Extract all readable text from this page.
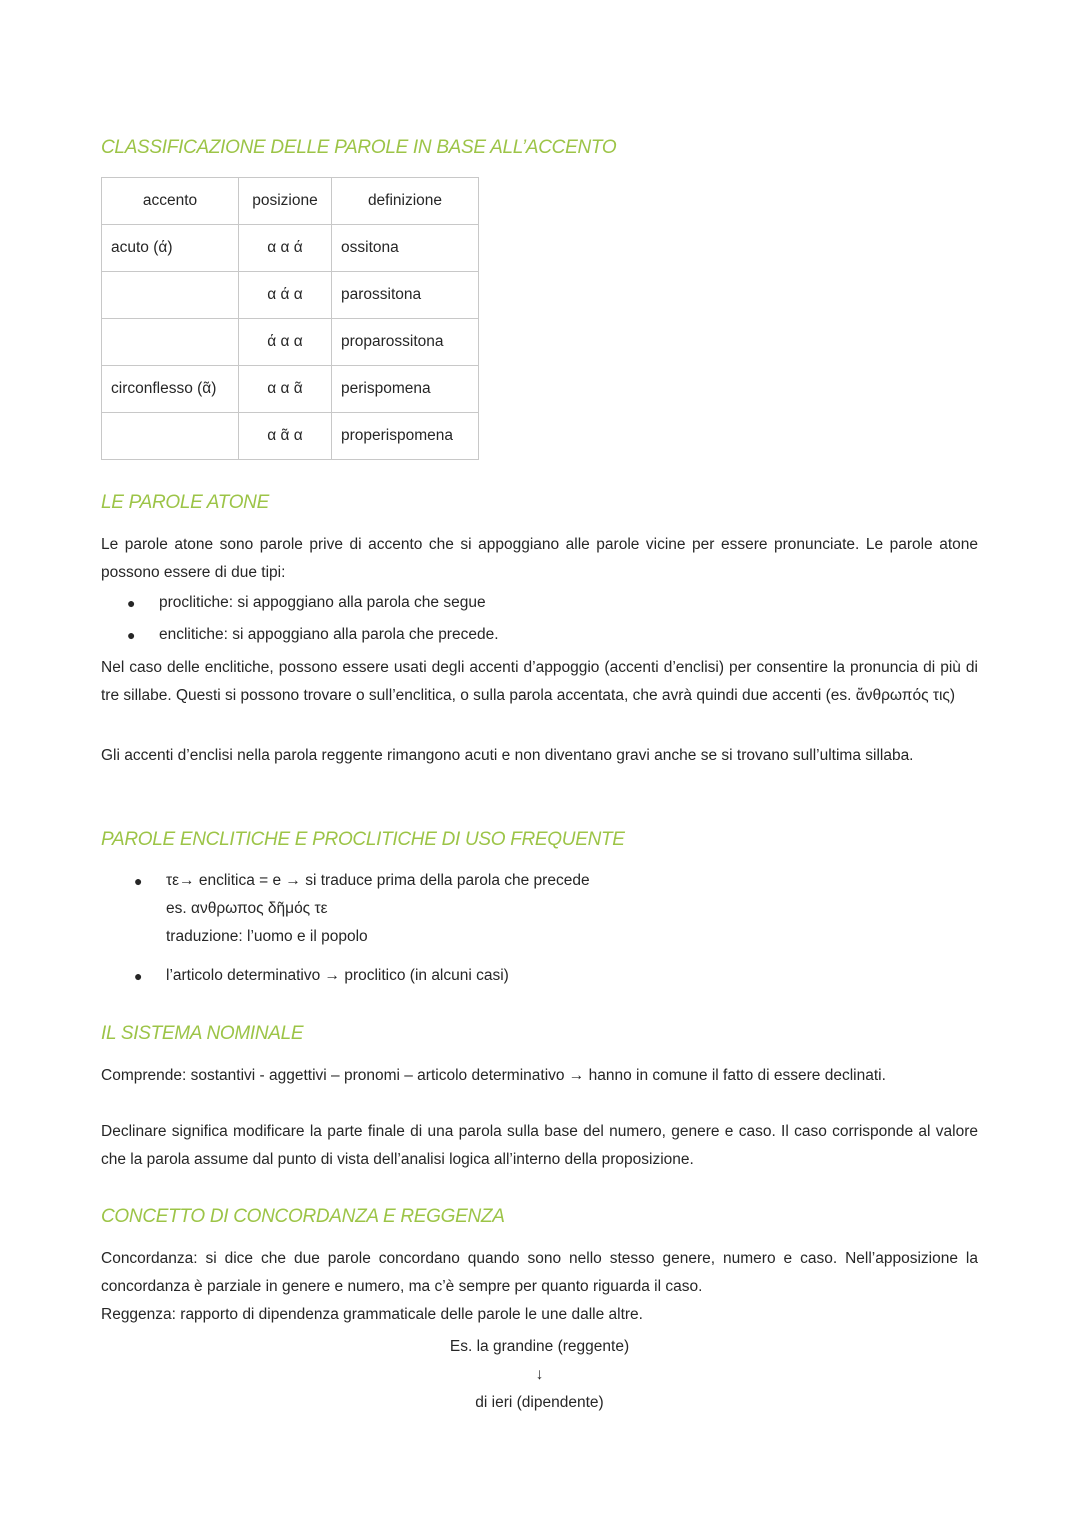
CLASSIFICAZIONE DELLE PAROLE IN BASE ALL’ACCENTO
accento	posizione	definizione
acuto (ά)	α α ά	ossitona
	α ά α	parossitona
	ά α α	proparossitona
circonflesso (ᾶ)	α α ᾶ	perispomena
	α ᾶ α	properispomena
LE PAROLE ATONE
Le parole atone sono parole prive di accento che si appoggiano alle parole vicine per essere pronunciate. Le parole atone possono essere di due tipi:
● proclitiche: si appoggiano alla parola che segue
● enclitiche: si appoggiano alla parola che precede.
Nel caso delle enclitiche, possono essere usati degli accenti d’appoggio (accenti d’enclisi) per consentire la pronuncia di più di tre sillabe. Questi si possono trovare o sull’enclitica, o sulla parola accentata, che avrà quindi due accenti (es. ἄνθρωπός τις)
Gli accenti d’enclisi nella parola reggente rimangono acuti e non diventano gravi anche se si trovano sull’ultima sillaba.
PAROLE ENCLITICHE E PROCLITICHE DI USO FREQUENTE
● τε→ enclitica = e → si traduce prima della parola che precede
es. ανθρωπος δῆμός τε
traduzione: l’uomo e il popolo
● l’articolo determinativo → proclitico (in alcuni casi)
IL SISTEMA NOMINALE
Comprende: sostantivi - aggettivi – pronomi – articolo determinativo → hanno in comune il fatto di essere declinati.
Declinare significa modificare la parte finale di una parola sulla base del numero, genere e caso. Il caso corrisponde al valore che la parola assume dal punto di vista dell’analisi logica all’interno della proposizione.
CONCETTO DI CONCORDANZA E REGGENZA
Concordanza: si dice che due parole concordano quando sono nello stesso genere, numero e caso. Nell’apposizione la concordanza è parziale in genere e numero, ma c’è sempre per quanto riguarda il caso.
Reggenza: rapporto di dipendenza grammaticale delle parole le une dalle altre.
Es. la grandine (reggente)
↓
di ieri (dipendente)
